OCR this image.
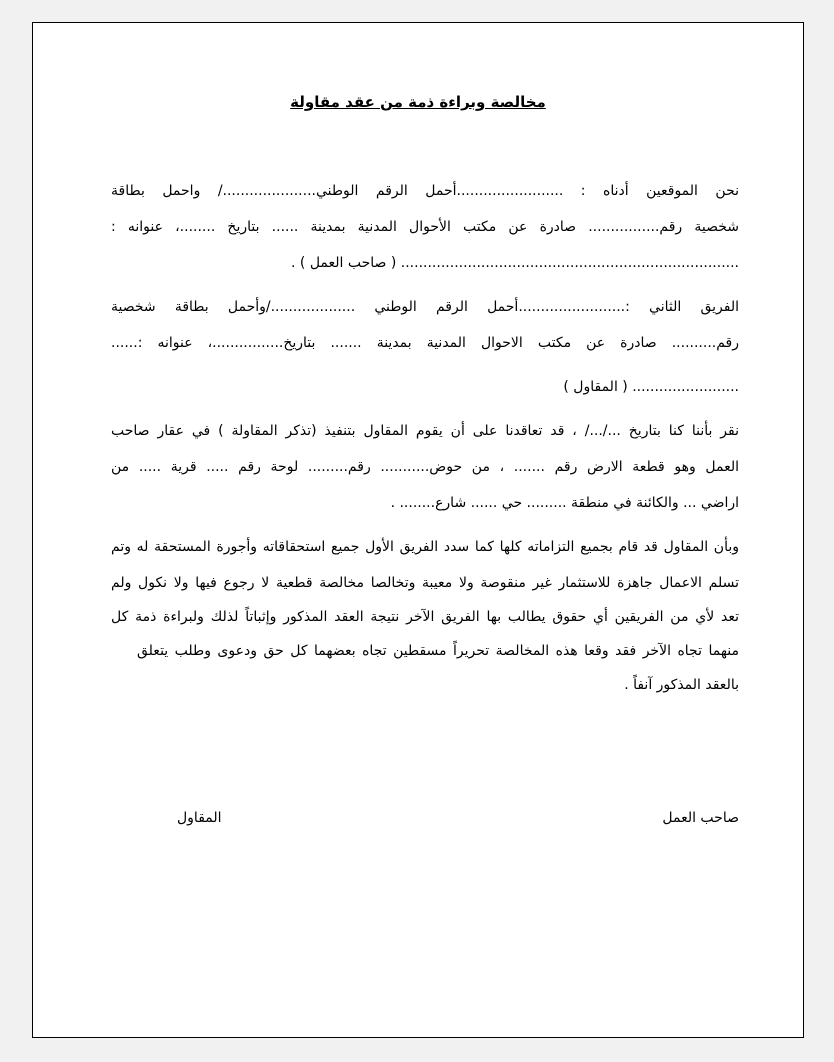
مخالصة وبراءة ذمة من عقد مقاولة
نحن الموقعين أدناه : ........................أحمل الرقم الوطني...................../ واحمل بطاقة
شخصية رقم................ صادرة عن مكتب الأحوال المدنية بمدينة ...... بتاريخ ........، عنوانه :
............................................................................ ( صاحب العمل ) .
الفريق الثاني :........................أحمل الرقم الوطني .................../وأحمل بطاقة شخصية
رقم.......... صادرة عن مكتب الاحوال المدنية بمدينة ....... بتاريخ................، عنوانه :......
........................ ( المقاول )
نقر بأننا كنا بتاريخ .../.../ ، قد تعاقدنا على أن يقوم المقاول بتنفيذ (تذكر المقاولة ) في عقار صاحب
العمل وهو قطعة الارض رقم ....... ، من حوض........... رقم......... لوحة رقم ..... قرية ..... من
اراضي ... والكائنة في منطقة ......... حي ...... شارع........ .
وبأن المقاول قد قام بجميع التزاماته كلها كما سدد الفريق الأول جميع استحقاقاته وأجورة المستحقة له وتم
تسلم الاعمال جاهزة للاستثمار غير منقوصة ولا معيبة وتخالصا مخالصة قطعية لا رجوع فيها ولا نكول ولم
تعد لأي من الفريقين أي حقوق يطالب بها الفريق الآخر نتيجة العقد المذكور وإثباتاً لذلك ولبراءة ذمة كل
منهما تجاه الآخر فقد وقعا هذه المخالصة تحريراً مسقطين تجاه بعضهما كل حق ودعوى وطلب يتعلق
بالعقد المذكور آنفاً .
صاحب العمل
المقاول
